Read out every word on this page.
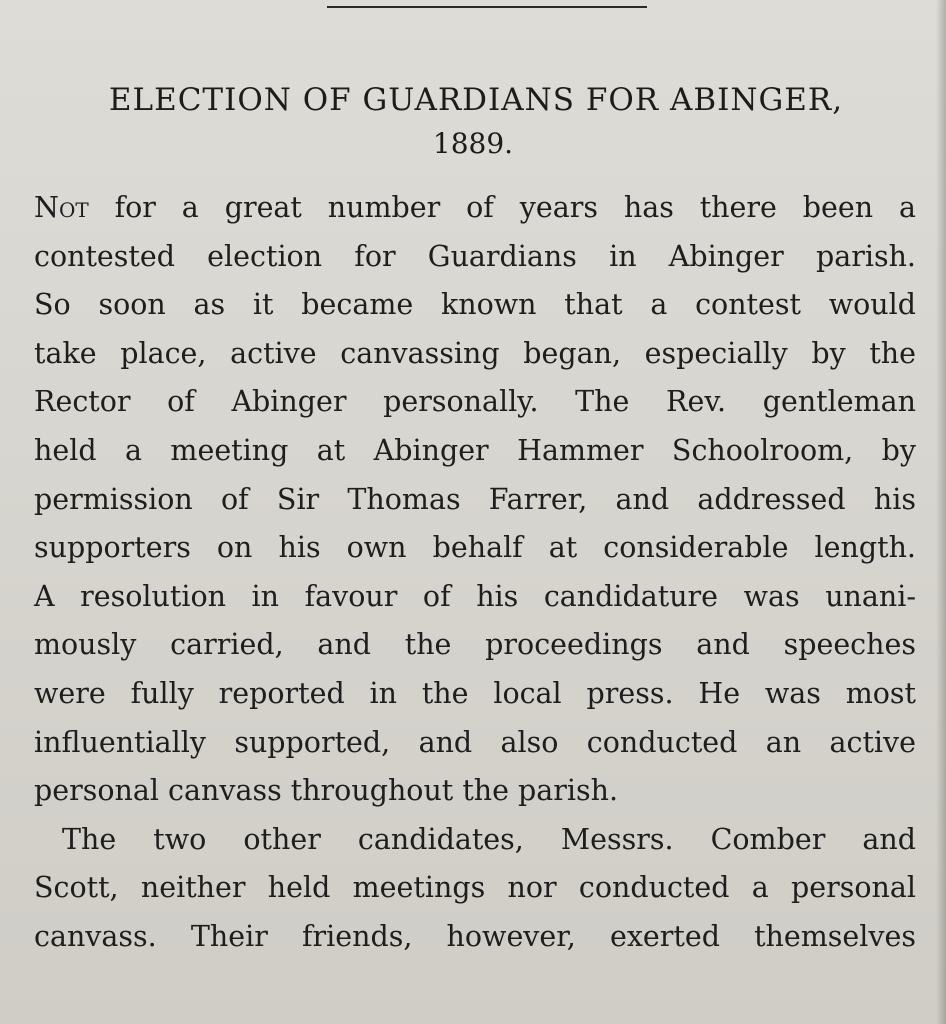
ELECTION OF GUARDIANS FOR ABINGER,
1889.
Not for a great number of years has there been a
contested election for Guardians in Abinger parish.
So soon as it became known that a contest would
take place, active canvassing began, especially by the
Rector of Abinger personally. The Rev. gentleman
held a meeting at Abinger Hammer Schoolroom, by
permission of Sir Thomas Farrer, and addressed his
supporters on his own behalf at considerable length.
A resolution in favour of his candidature was unani-
mously carried, and the proceedings and speeches
were fully reported in the local press. He was most
influentially supported, and also conducted an active
personal canvass throughout the parish.
The two other candidates, Messrs. Comber and
Scott, neither held meetings nor conducted a personal
canvass. Their friends, however, exerted themselves
